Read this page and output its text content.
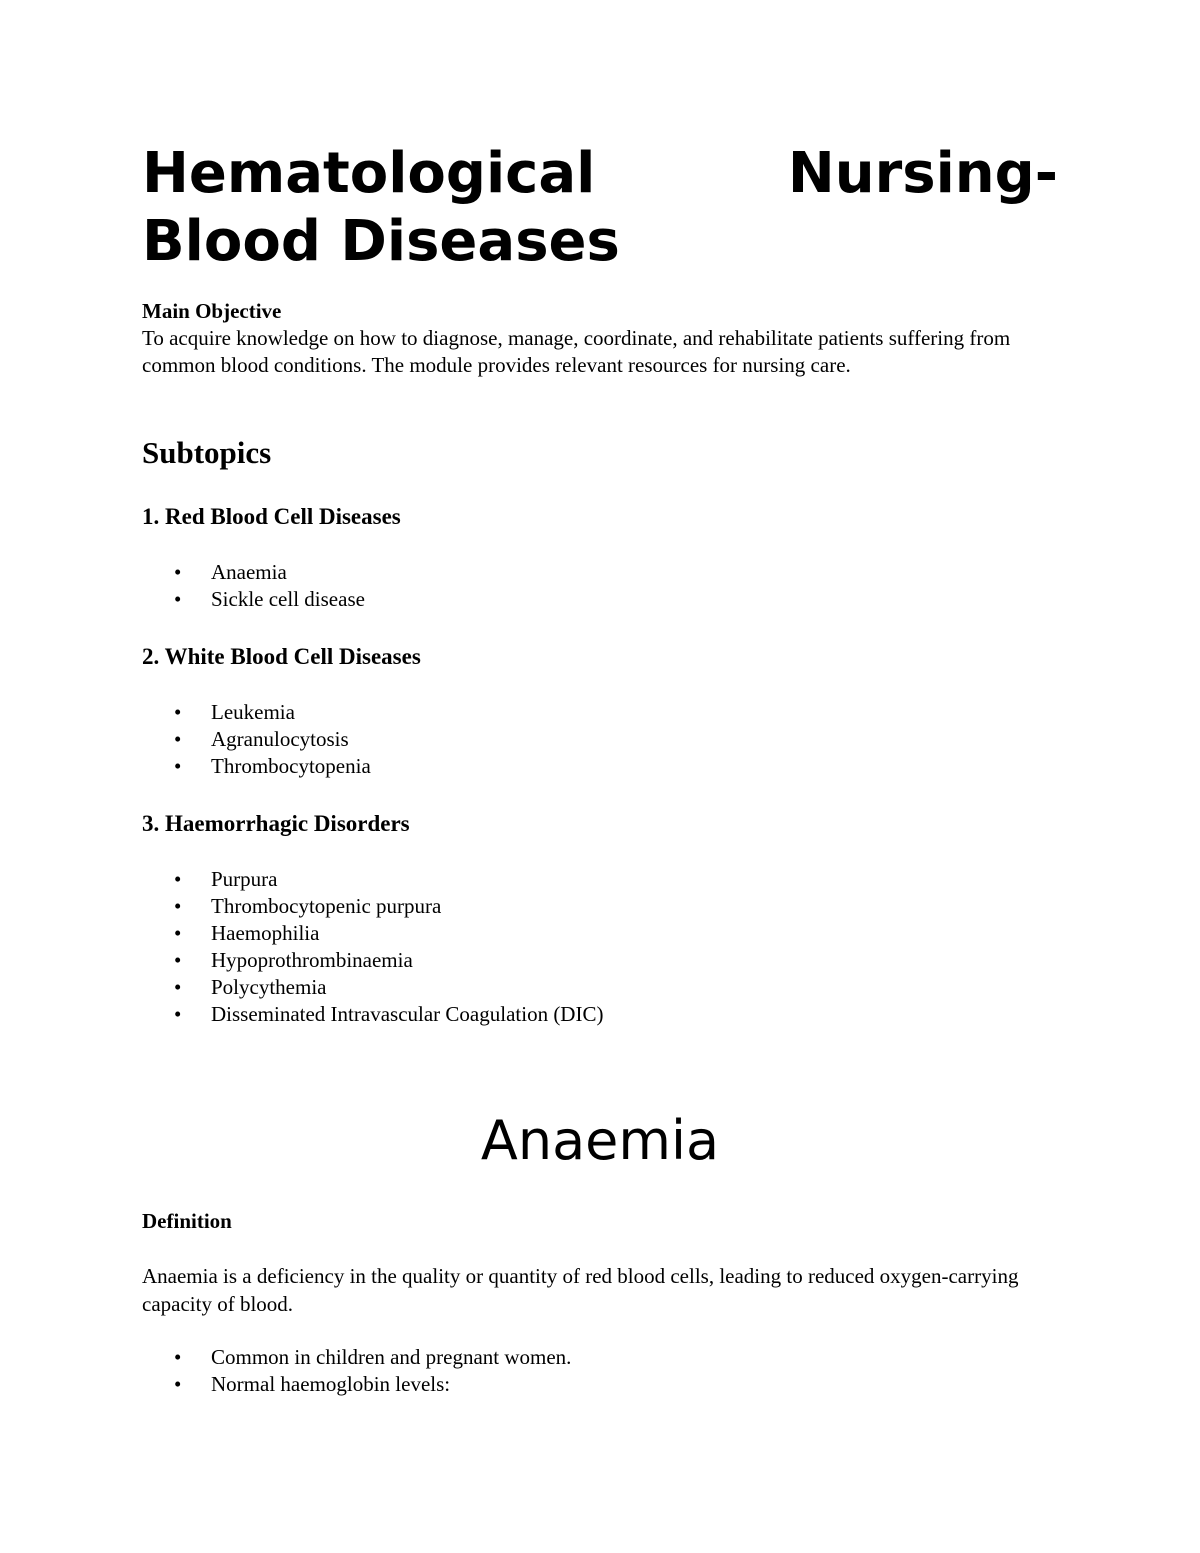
Hematological Nursing- Blood Diseases
Main Objective

To acquire knowledge on how to diagnose, manage, coordinate, and rehabilitate patients suffering from common blood conditions. The module provides relevant resources for nursing care.

Subtopics
1. Red Blood Cell Diseases
• Anaemia
• Sickle cell disease
2. White Blood Cell Diseases
• Leukemia
• Agranulocytosis
• Thrombocytopenia
3. Haemorrhagic Disorders
• Purpura
• Thrombocytopenic purpura
• Haemophilia
• Hypoprothrombinaemia
• Polycythemia
• Disseminated Intravascular Coagulation (DIC)
Anaemia
Definition

Anaemia is a deficiency in the quality or quantity of red blood cells, leading to reduced oxygen-carrying capacity of blood.

• Common in children and pregnant women.
• Normal haemoglobin levels:
